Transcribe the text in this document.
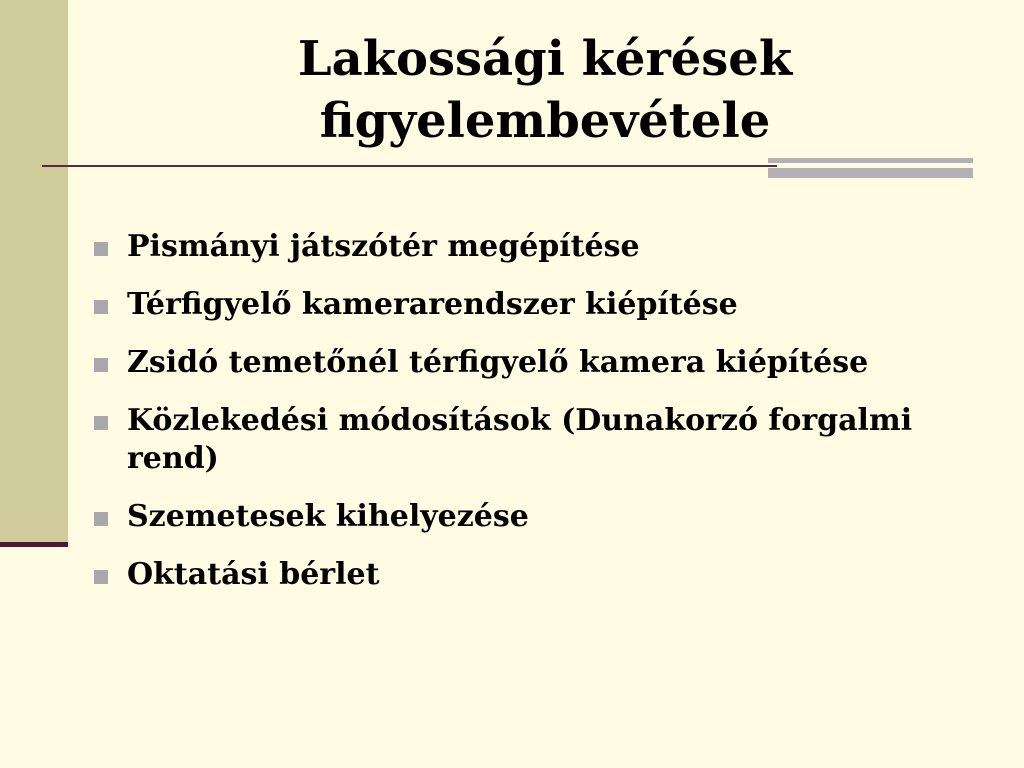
Lakossági kérések figyelembevétele
Pismányi játszótér megépítése
Térfigyelő kamerarendszer kiépítése
Zsidó temetőnél térfigyelő kamera kiépítése
Közlekedési módosítások (Dunakorzó forgalmi rend)
Szemetesek kihelyezése
Oktatási bérlet
